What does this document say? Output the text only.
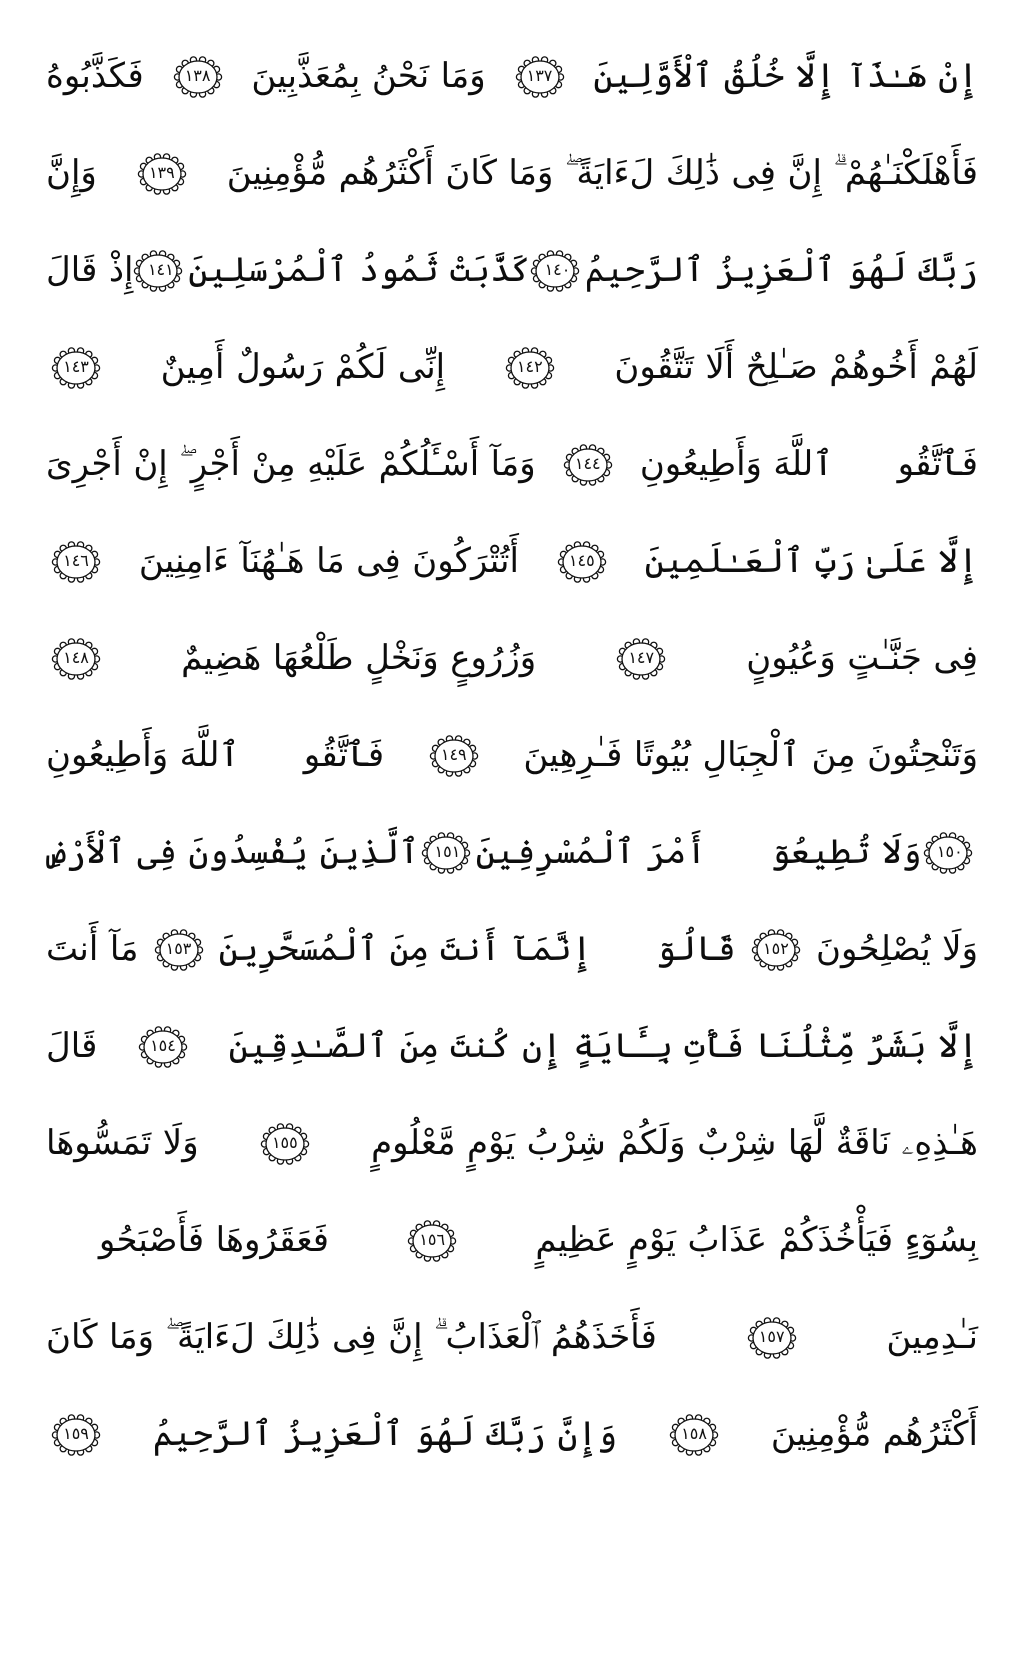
إِنْ هَـٰذَآ إِلَّا خُلُقُ ٱلْأَوَّلِينَ
١٣٧
وَمَا نَحْنُ بِمُعَذَّبِينَ
١٣٨
فَكَذَّبُوهُ
فَأَهْلَكْنَـٰهُمْ ۗ إِنَّ فِى ذَٰلِكَ لَءَايَةً ۖ وَمَا كَانَ أَكْثَرُهُم مُّؤْمِنِينَ
١٣٩
وَإِنَّ
رَبَّكَ لَهُوَ ٱلْعَزِيزُ ٱلرَّحِيمُ
١٤٠
كَذَّبَتْ ثَمُودُ ٱلْمُرْسَلِينَ
١٤١
إِذْ قَالَ
لَهُمْ أَخُوهُمْ صَـٰلِحٌ أَلَا تَتَّقُونَ
١٤٢
إِنِّى لَكُمْ رَسُولٌ أَمِينٌ
١٤٣
فَٱتَّقُوا۟ ٱللَّهَ وَأَطِيعُونِ
١٤٤
وَمَآ أَسْـَٔلُكُمْ عَلَيْهِ مِنْ أَجْرٍ ۖ إِنْ أَجْرِىَ
إِلَّا عَلَىٰ رَبِّ ٱلْعَـٰلَمِينَ
١٤٥
أَتُتْرَكُونَ فِى مَا هَـٰهُنَآ ءَامِنِينَ
١٤٦
فِى جَنَّـٰتٍ وَعُيُونٍ
١٤٧
وَزُرُوعٍ وَنَخْلٍ طَلْعُهَا هَضِيمٌ
١٤٨
وَتَنْحِتُونَ مِنَ ٱلْجِبَالِ بُيُوتًا فَـٰرِهِينَ
١٤٩
فَٱتَّقُوا۟ ٱللَّهَ وَأَطِيعُونِ
١٥٠
وَلَا تُطِيعُوٓا۟ أَمْرَ ٱلْمُسْرِفِينَ
١٥١
ٱلَّذِينَ يُفْسِدُونَ فِى ٱلْأَرْضِ
وَلَا يُصْلِحُونَ
١٥٢
قَالُوٓا۟ إِنَّمَآ أَنتَ مِنَ ٱلْمُسَحَّرِينَ
١٥٣
مَآ أَنتَ
إِلَّا بَشَرٌ مِّثْلُنَا فَأْتِ بِـَٔايَةٍ إِن كُنتَ مِنَ ٱلصَّـٰدِقِينَ
١٥٤
قَالَ
هَـٰذِهِۦ نَاقَةٌ لَّهَا شِرْبٌ وَلَكُمْ شِرْبُ يَوْمٍ مَّعْلُومٍ
١٥٥
وَلَا تَمَسُّوهَا
بِسُوٓءٍ فَيَأْخُذَكُمْ عَذَابُ يَوْمٍ عَظِيمٍ
١٥٦
فَعَقَرُوهَا فَأَصْبَحُوا۟
نَـٰدِمِينَ
١٥٧
فَأَخَذَهُمُ ٱلْعَذَابُ ۗ إِنَّ فِى ذَٰلِكَ لَءَايَةً ۖ وَمَا كَانَ
أَكْثَرُهُم مُّؤْمِنِينَ
١٥٨
وَإِنَّ رَبَّكَ لَهُوَ ٱلْعَزِيزُ ٱلرَّحِيمُ
١٥٩
